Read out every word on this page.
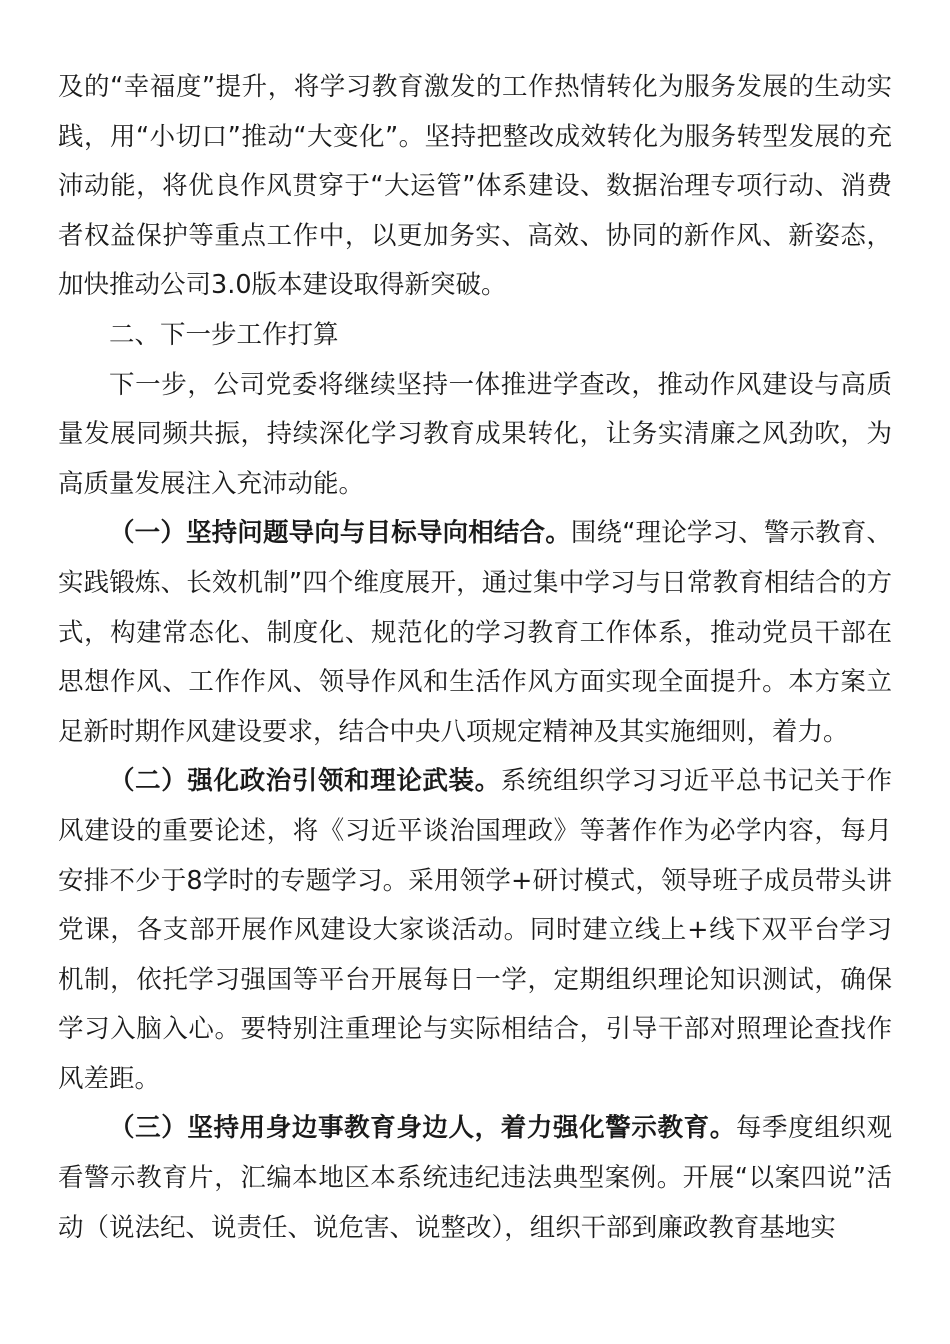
及的“幸福度”提升，将学习教育激发的工作热情转化为服务发展的生动实践，用“小切口”推动“大变化”。坚持把整改成效转化为服务转型发展的充沛动能，将优良作风贯穿于“大运管”体系建设、数据治理专项行动、消费者权益保护等重点工作中，以更加务实、高效、协同的新作风、新姿态，加快推动公司3.0版本建设取得新突破。

二、下一步工作打算

下一步，公司党委将继续坚持一体推进学查改，推动作风建设与高质量发展同频共振，持续深化学习教育成果转化，让务实清廉之风劲吹，为高质量发展注入充沛动能。

（一）坚持问题导向与目标导向相结合。围绕“理论学习、警示教育、实践锻炼、长效机制”四个维度展开，通过集中学习与日常教育相结合的方式，构建常态化、制度化、规范化的学习教育工作体系，推动党员干部在思想作风、工作作风、领导作风和生活作风方面实现全面提升。本方案立足新时期作风建设要求，结合中央八项规定精神及其实施细则，着力。

（二）强化政治引领和理论武装。系统组织学习习近平总书记关于作风建设的重要论述，将《习近平谈治国理政》等著作作为必学内容，每月安排不少于8学时的专题学习。采用领学+研讨模式，领导班子成员带头讲党课，各支部开展作风建设大家谈活动。同时建立线上+线下双平台学习机制，依托学习强国等平台开展每日一学，定期组织理论知识测试，确保学习入脑入心。要特别注重理论与实际相结合，引导干部对照理论查找作风差距。

（三）坚持用身边事教育身边人，着力强化警示教育。每季度组织观看警示教育片，汇编本地区本系统违纪违法典型案例。开展“以案四说”活动（说法纪、说责任、说危害、说整改），组织干部到廉政教育基地实
